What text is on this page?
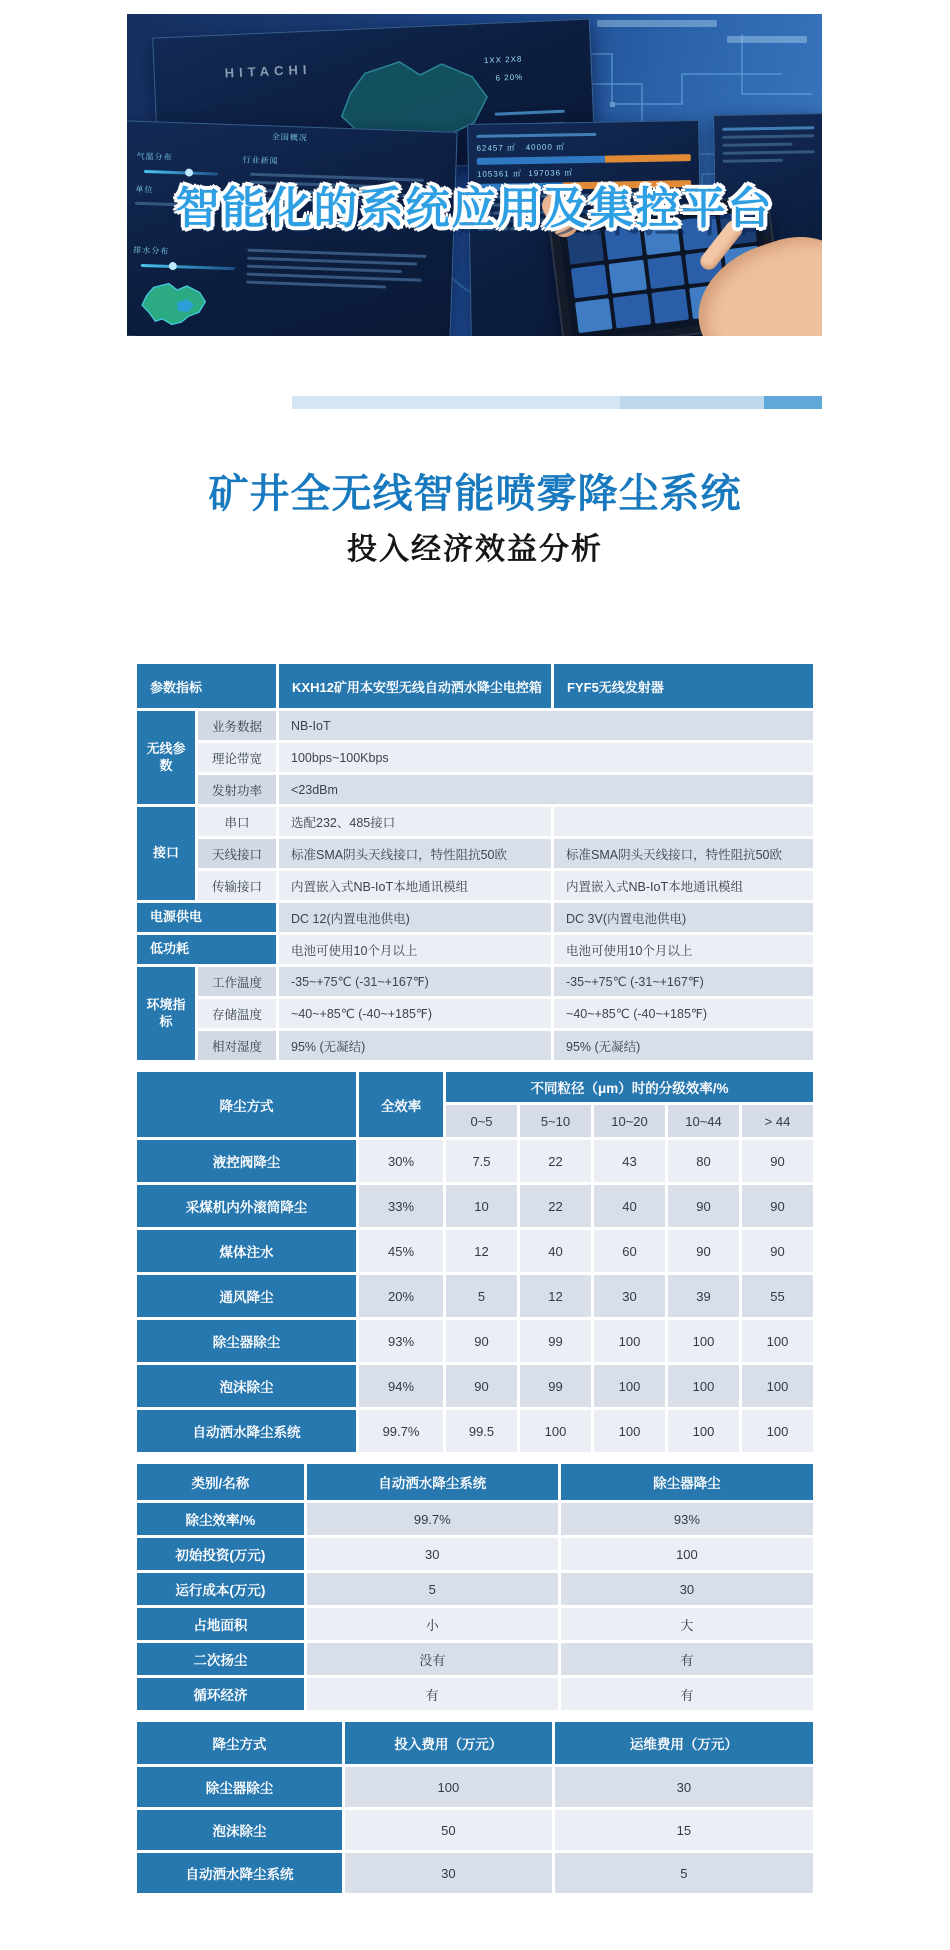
HITACHI
1XX 2X8
6 20%
全国概况
气温分布
单位
行业新闻
排水分布
62457 ㎡   40000 ㎡
105361 ㎡  197036 ㎡
智能化的系统应用及集控平台
矿井全无线智能喷雾降尘系统
投入经济效益分析
参数指标		KXH12矿用本安型无线自动洒水降尘电控箱	FYF5无线发射器
无线参数	业务数据	NB-IoT	
	理论带宽	100bps~100Kbps	
	发射功率	<23dBm	
接口	串口	选配232、485接口	
	天线接口	标准SMA阴头天线接口，特性阻抗50欧	标准SMA阴头天线接口，特性阻抗50欧
	传输接口	内置嵌入式NB-IoT本地通讯模组	内置嵌入式NB-IoT本地通讯模组
电源供电		DC 12(内置电池供电)	DC 3V(内置电池供电)
低功耗		电池可使用10个月以上	电池可使用10个月以上
环境指标	工作温度	-35~+75℃ (-31~+167℉)	-35~+75℃ (-31~+167℉)
	存储温度	~40~+85℃ (-40~+185℉)	~40~+85℃ (-40~+185℉)
	相对湿度	95% (无凝结)	95% (无凝结)
降尘方式	全效率	不同粒径（μm）时的分级效率/%				
		0~5	5~10	10~20	10~44	> 44
液控阀降尘	30%	7.5	22	43	80	90
采煤机内外滚筒降尘	33%	10	22	40	90	90
煤体注水	45%	12	40	60	90	90
通风降尘	20%	5	12	30	39	55
除尘器除尘	93%	90	99	100	100	100
泡沫除尘	94%	90	99	100	100	100
自动洒水降尘系统	99.7%	99.5	100	100	100	100
类别/名称	自动洒水降尘系统	除尘器降尘
除尘效率/%	99.7%	93%
初始投资(万元)	30	100
运行成本(万元)	5	30
占地面积	小	大
二次扬尘	没有	有
循环经济	有	有
降尘方式	投入费用（万元）	运维费用（万元）
除尘器除尘	100	30
泡沫除尘	50	15
自动洒水降尘系统	30	5
